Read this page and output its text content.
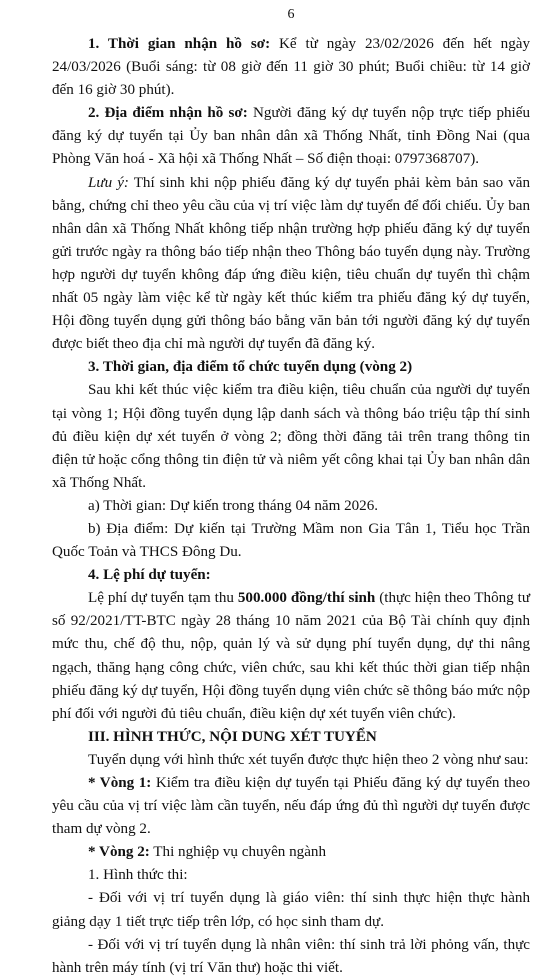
6

1. Thời gian nhận hồ sơ: Kể từ ngày 23/02/2026 đến hết ngày 24/03/2026 (Buổi sáng: từ 08 giờ đến 11 giờ 30 phút; Buổi chiều: từ 14 giờ đến 16 giờ 30 phút).

2. Địa điểm nhận hồ sơ: Người đăng ký dự tuyển nộp trực tiếp phiếu đăng ký dự tuyển tại Ủy ban nhân dân xã Thống Nhất, tỉnh Đồng Nai (qua Phòng Văn hoá - Xã hội xã Thống Nhất – Số điện thoại: 0797368707).

Lưu ý: Thí sinh khi nộp phiếu đăng ký dự tuyển phải kèm bản sao văn bằng, chứng chỉ theo yêu cầu của vị trí việc làm dự tuyển để đối chiếu. Ủy ban nhân dân xã Thống Nhất không tiếp nhận trường hợp phiếu đăng ký dự tuyển gửi trước ngày ra thông báo tiếp nhận theo Thông báo tuyển dụng này. Trường hợp người dự tuyển không đáp ứng điều kiện, tiêu chuẩn dự tuyển thì chậm nhất 05 ngày làm việc kể từ ngày kết thúc kiểm tra phiếu đăng ký dự tuyển, Hội đồng tuyển dụng gửi thông báo bằng văn bản tới người đăng ký dự tuyển được biết theo địa chỉ mà người dự tuyển đã đăng ký.

3. Thời gian, địa điểm tổ chức tuyển dụng (vòng 2)

Sau khi kết thúc việc kiểm tra điều kiện, tiêu chuẩn của người dự tuyển tại vòng 1; Hội đồng tuyển dụng lập danh sách và thông báo triệu tập thí sinh đủ điều kiện dự xét tuyển ở vòng 2; đồng thời đăng tải trên trang thông tin điện tử hoặc cổng thông tin điện tử và niêm yết công khai tại Ủy ban nhân dân xã Thống Nhất.

a) Thời gian: Dự kiến trong tháng 04 năm 2026.

b) Địa điểm: Dự kiến tại Trường Mầm non Gia Tân 1, Tiểu học Trần Quốc Toản và THCS Đông Du.

4. Lệ phí dự tuyển:

Lệ phí dự tuyển tạm thu 500.000 đồng/thí sinh (thực hiện theo Thông tư số 92/2021/TT-BTC ngày 28 tháng 10 năm 2021 của Bộ Tài chính quy định mức thu, chế độ thu, nộp, quản lý và sử dụng phí tuyển dụng, dự thi nâng ngạch, thăng hạng công chức, viên chức, sau khi kết thúc thời gian tiếp nhận phiếu đăng ký dự tuyển, Hội đồng tuyển dụng viên chức sẽ thông báo mức nộp phí đối với người đủ tiêu chuẩn, điều kiện dự xét tuyển viên chức).

III. HÌNH THỨC, NỘI DUNG XÉT TUYỂN

Tuyển dụng với hình thức xét tuyển được thực hiện theo 2 vòng như sau:

* Vòng 1: Kiểm tra điều kiện dự tuyển tại Phiếu đăng ký dự tuyển theo yêu cầu của vị trí việc làm cần tuyển, nếu đáp ứng đủ thì người dự tuyển được tham dự vòng 2.

* Vòng 2: Thi nghiệp vụ chuyên ngành

1. Hình thức thi:

- Đối với vị trí tuyển dụng là giáo viên: thí sinh thực hiện thực hành giảng dạy 1 tiết trực tiếp trên lớp, có học sinh tham dự.

- Đối với vị trí tuyển dụng là nhân viên: thí sinh trả lời phỏng vấn, thực hành trên máy tính (vị trí Văn thư) hoặc thi viết.
